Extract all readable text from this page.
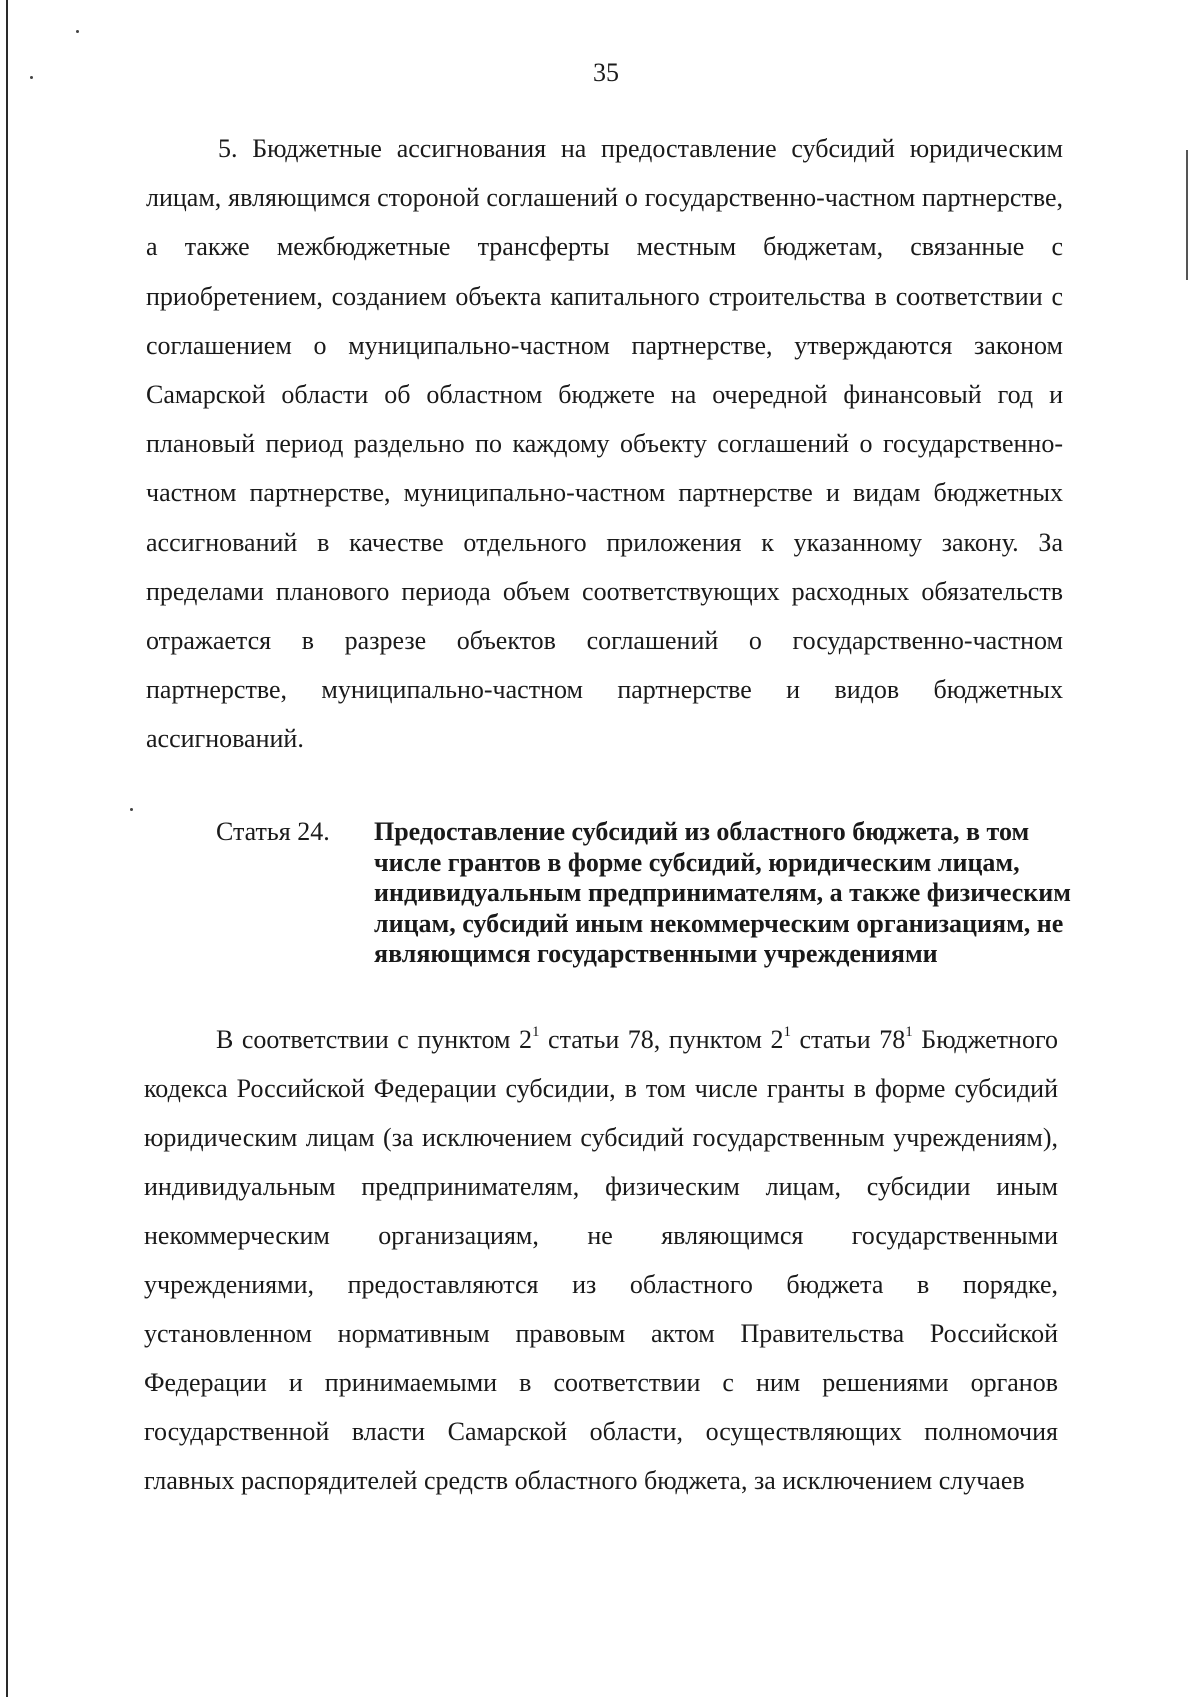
35

5. Бюджетные ассигнования на предоставление субсидий юридическим лицам, являющимся стороной соглашений о государственно-частном партнерстве, а также межбюджетные трансферты местным бюджетам, связанные с приобретением, созданием объекта капитального строительства в соответствии с соглашением о муниципально-частном партнерстве, утверждаются законом Самарской области об областном бюджете на очередной финансовый год и плановый период раздельно по каждому объекту соглашений о государственно-частном партнерстве, муниципально-частном партнерстве и видам бюджетных ассигнований в качестве отдельного приложения к указанному закону. За пределами планового периода объем соответствующих расходных обязательств отражается в разрезе объектов соглашений о государственно-частном партнерстве, муниципально-частном партнерстве и видов бюджетных ассигнований.

Статья 24. Предоставление субсидий из областного бюджета, в том числе грантов в форме субсидий, юридическим лицам, индивидуальным предпринимателям, а также физическим лицам, субсидий иным некоммерческим организациям, не являющимся государственными учреждениями

В соответствии с пунктом $2^1$ статьи 78, пунктом $2^1$ статьи $78^1$ Бюджетного кодекса Российской Федерации субсидии, в том числе гранты в форме субсидий юридическим лицам (за исключением субсидий государственным учреждениям), индивидуальным предпринимателям, физическим лицам, субсидии иным некоммерческим организациям, не являющимся государственными учреждениями, предоставляются из областного бюджета в порядке, установленном нормативным правовым актом Правительства Российской Федерации и принимаемыми в соответствии с ним решениями органов государственной власти Самарской области, осуществляющих полномочия главных распорядителей средств областного бюджета, за исключением случаев
